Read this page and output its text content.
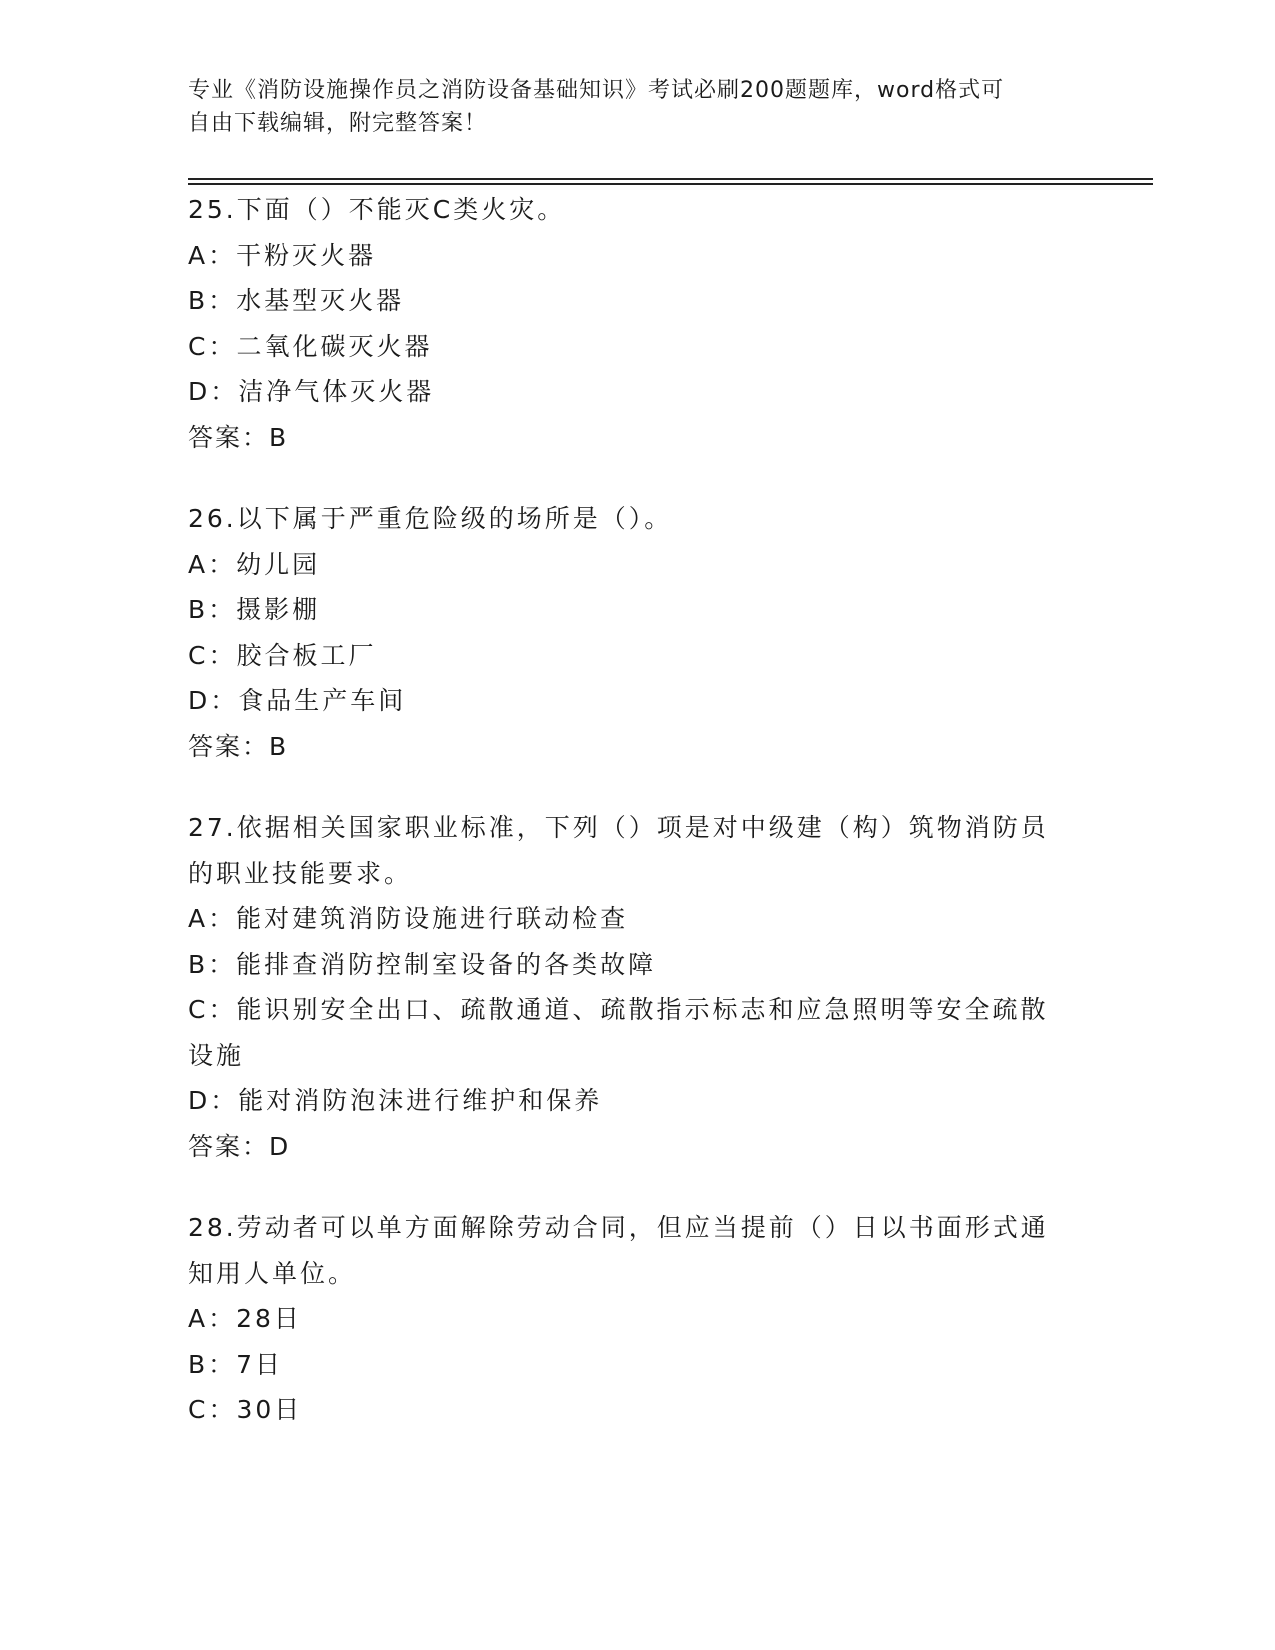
专业《消防设施操作员之消防设备基础知识》考试必刷200题题库，word格式可
自由下载编辑，附完整答案！
25.下面（）不能灭C类火灾。
A：干粉灭火器
B：水基型灭火器
C：二氧化碳灭火器
D：洁净气体灭火器
答案：B
26.以下属于严重危险级的场所是（）。
A：幼儿园
B：摄影棚
C：胶合板工厂
D：食品生产车间
答案：B
27.依据相关国家职业标准，下列（）项是对中级建（构）筑物消防员
的职业技能要求。
A：能对建筑消防设施进行联动检查
B：能排查消防控制室设备的各类故障
C：能识别安全出口、疏散通道、疏散指示标志和应急照明等安全疏散
设施
D：能对消防泡沫进行维护和保养
答案：D
28.劳动者可以单方面解除劳动合同，但应当提前（）日以书面形式通
知用人单位。
A：28日
B：7日
C：30日
